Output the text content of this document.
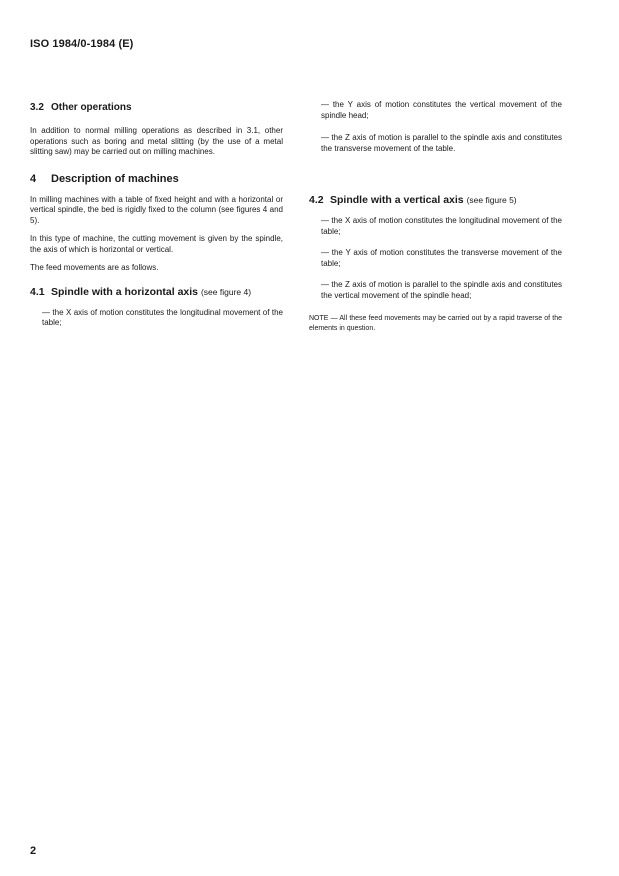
ISO 1984/0-1984 (E)
3.2 Other operations

In addition to normal milling operations as described in 3.1, other operations such as boring and metal slitting (by the use of a metal slitting saw) may be carried out on milling machines.

4 Description of machines

In milling machines with a table of fixed height and with a horizontal or vertical spindle, the bed is rigidly fixed to the column (see figures 4 and 5).

In this type of machine, the cutting movement is given by the spindle, the axis of which is horizontal or vertical.

The feed movements are as follows.

4.1 Spindle with a horizontal axis (see figure 4)

— the X axis of motion constitutes the longitudinal movement of the table;

— the Y axis of motion constitutes the vertical movement of the spindle head;

— the Z axis of motion is parallel to the spindle axis and constitutes the transverse movement of the table.

4.2 Spindle with a vertical axis (see figure 5)

— the X axis of motion constitutes the longitudinal movement of the table;

— the Y axis of motion constitutes the transverse movement of the table;

— the Z axis of motion is parallel to the spindle axis and constitutes the vertical movement of the spindle head;

NOTE — All these feed movements may be carried out by a rapid traverse of the elements in question.

2
